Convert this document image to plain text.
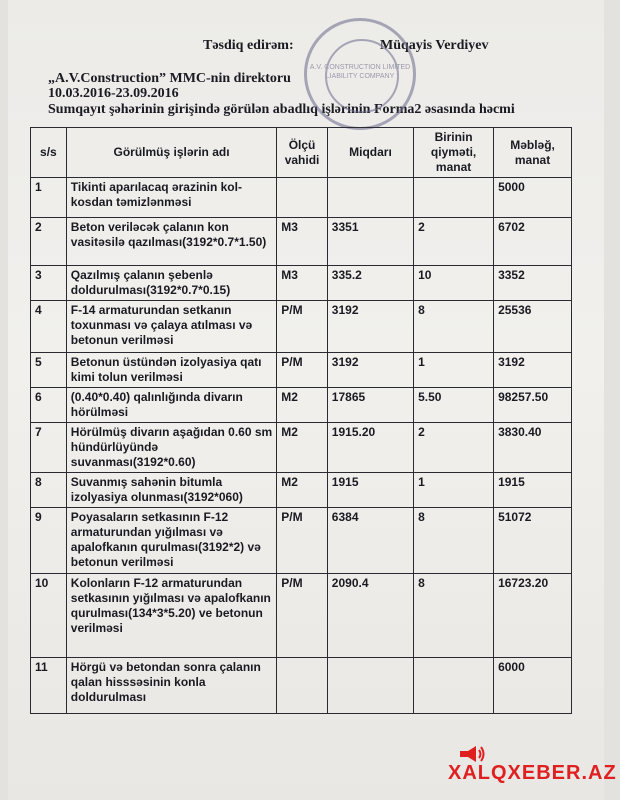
Təsdiq edirəm:	Müqayis Verdiyev
„A.V.Construction” MMC-nin direktoru
10.03.2016-23.09.2016
Sumqayıt şəhərinin girişində görülən abadlıq işlərinin Forma2 əsasında həcmi
A.V. CONSTRUCTION LIMITED LIABILITY COMPANY
s/s	Görülmüş işlərin adı	Ölçü vahidi	Miqdarı	Birinin qiymәti, manat	Məbləğ, manat
1	Tikinti aparılacaq ərazinin kol-kosdan təmizlənməsi				5000
2	Beton veriləcək çalanın kon vasitəsilə qazılması(3192*0.7*1.50)	M3	3351	2	6702
3	Qazılmış çalanın şebenlə doldurulması(3192*0.7*0.15)	M3	335.2	10	3352
4	F-14 armaturundan setkanın toxunması və çalaya atılması və betonun verilməsi	P/M	3192	8	25536
5	Betonun üstündən izolyasiya qatı kimi tolun verilməsi	P/M	3192	1	3192
6	(0.40*0.40) qalınlığında divarın hörülməsi	M2	17865	5.50	98257.50
7	Hörülmüş divarın aşağıdan 0.60 sm hündürlüyündə suvanması(3192*0.60)	M2	1915.20	2	3830.40
8	Suvanmış sahənin bitumla izolyasiya olunması(3192*060)	M2	1915	1	1915
9	Poyasaların setkasının F-12 armaturundan yığılması və apalofkanın qurulması(3192*2) və betonun verilməsi	P/M	6384	8	51072
10	Kolonların F-12 armaturundan setkasının yığılması və apalofkanın qurulması(134*3*5.20) ve betonun verilməsi	P/M	2090.4	8	16723.20
11	Hörgü və betondan sonra çalanın qalan hisssəsinin konla doldurulması				6000
XALQXEBER.AZ
